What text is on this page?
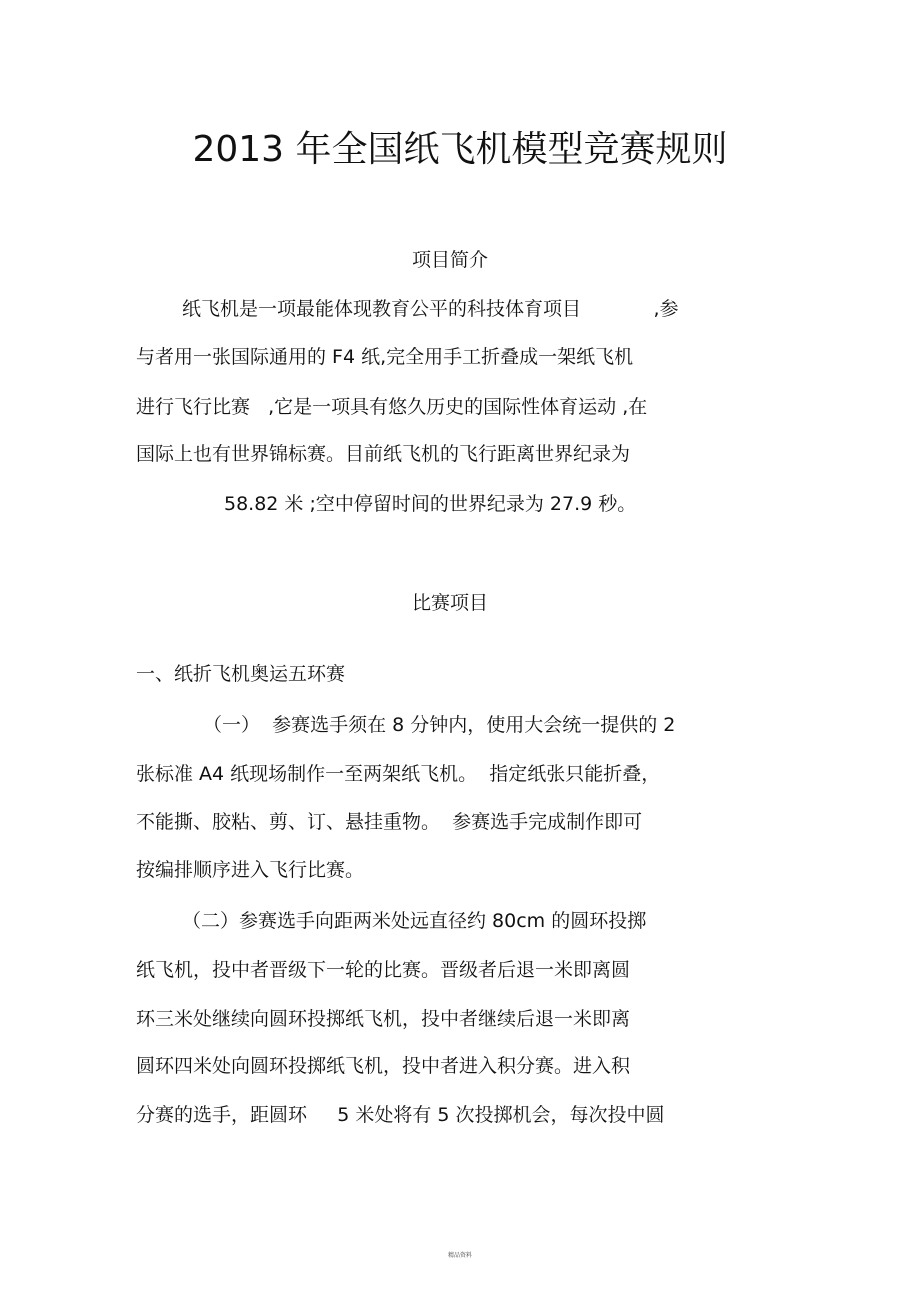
2013 年全国纸飞机模型竞赛规则
项目简介

纸飞机是一项最能体现教育公平的科技体育项目            ,参

与者用一张国际通用的 F4 纸,完全用手工折叠成一架纸飞机

进行飞行比赛   ,它是一项具有悠久历史的国际性体育运动 ,在

国际上也有世界锦标赛。目前纸飞机的飞行距离世界纪录为

58.82 米 ;空中停留时间的世界纪录为 27.9 秒。

比赛项目

一、纸折飞机奥运五环赛

（一）  参赛选手须在 8 分钟内，使用大会统一提供的 2

张标准 A4 纸现场制作一至两架纸飞机。  指定纸张只能折叠，

不能撕、胶粘、剪、订、悬挂重物。  参赛选手完成制作即可

按编排顺序进入飞行比赛。

（二）参赛选手向距两米处远直径约 80cm 的圆环投掷

纸飞机，投中者晋级下一轮的比赛。晋级者后退一米即离圆

环三米处继续向圆环投掷纸飞机，投中者继续后退一米即离

圆环四米处向圆环投掷纸飞机，投中者进入积分赛。进入积

分赛的选手，距圆环     5 米处将有 5 次投掷机会，每次投中圆

精品资料
